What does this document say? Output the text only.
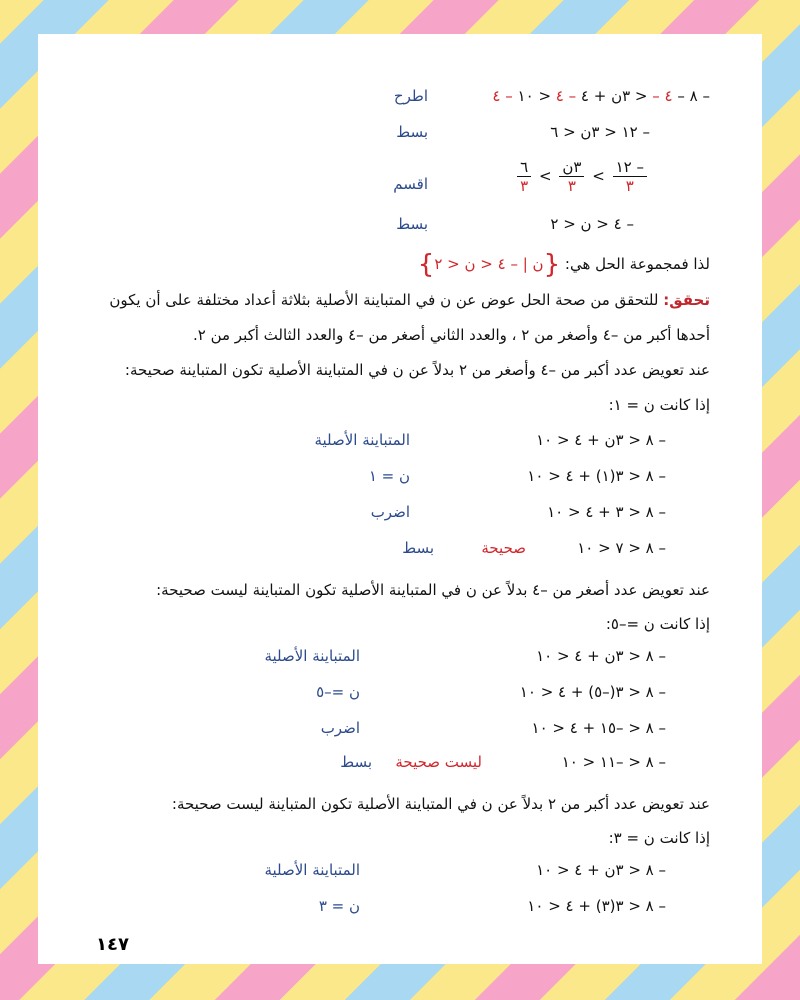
– ٨ – ٤ – < ٣ن + ٤ – ٤ < ١٠ – ٤
اطرح
– ١٢ < ٣ن < ٦
بسط
$\frac{- ١٢}{٣}$
>
$\frac{\text{٣ن}}{٣}$
>
$\frac{٦}{٣}$
اقسم
– ٤ < ن < ٢
بسط
لذا فمجموعة الحل هي: {ن | – ٤ < ن < ٢}
تحقق: للتحقق من صحة الحل عوض عن ن في المتباينة الأصلية بثلاثة أعداد مختلفة على أن يكون
أحدها أكبر من –٤ وأصغر من ٢ ، والعدد الثاني أصغر من –٤ والعدد الثالث أكبر من ٢.
عند تعويض عدد أكبر من –٤ وأصغر من ٢ بدلاً عن ن في المتباينة الأصلية تكون المتباينة صحيحة:
إذا كانت ن = ١:
– ٨ < ٣ن + ٤ < ١٠
المتباينة الأصلية
– ٨ < ٣(١) + ٤ < ١٠
ن = ١
– ٨ < ٣ + ٤ < ١٠
اضرب
– ٨ < ٧ < ١٠
صحيحة
بسط
عند تعويض عدد أصغر من –٤ بدلاً عن ن في المتباينة الأصلية تكون المتباينة ليست صحيحة:
إذا كانت ن =–٥:
– ٨ < ٣ن + ٤ < ١٠
المتباينة الأصلية
– ٨ < ٣(–٥) + ٤ < ١٠
ن =–٥
– ٨ < –١٥ + ٤ < ١٠
اضرب
– ٨ < –١١ < ١٠
ليست صحيحة
بسط
عند تعويض عدد أكبر من ٢ بدلاً عن ن في المتباينة الأصلية تكون المتباينة ليست صحيحة:
إذا كانت ن = ٣:
– ٨ < ٣ن + ٤ < ١٠
المتباينة الأصلية
– ٨ < ٣(٣) + ٤ < ١٠
ن = ٣
١٤٧
